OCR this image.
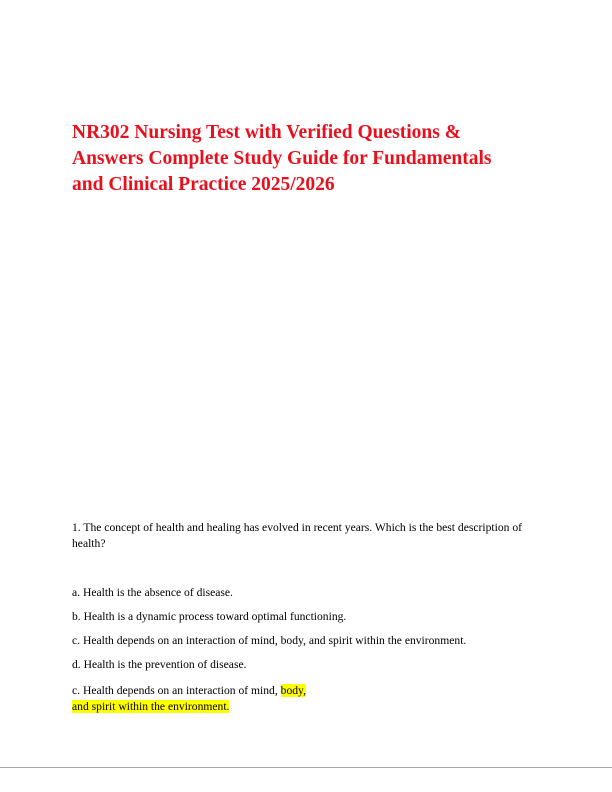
NR302 Nursing Test with Verified Questions &
Answers Complete Study Guide for Fundamentals
and Clinical Practice 2025/2026

1. The concept of health and healing has evolved in recent years. Which is the best description of
health?

a. Health is the absence of disease.

b. Health is a dynamic process toward optimal functioning.

c. Health depends on an interaction of mind, body, and spirit within the environment.

d. Health is the prevention of disease.

c. Health depends on an interaction of mind, body,
and spirit within the environment.
